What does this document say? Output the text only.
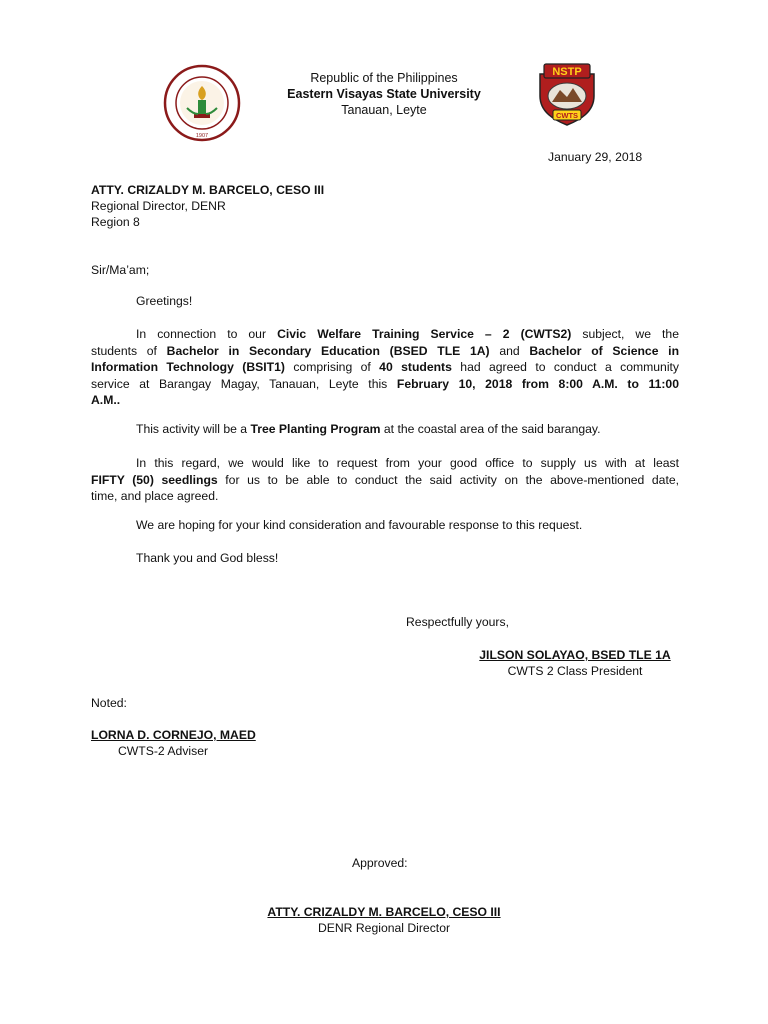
1907
Republic of the Philippines
Eastern Visayas State University
Tanauan, Leyte
NSTP
CWTS
January 29, 2018
ATTY. CRIZALDY M. BARCELO, CESO III
Regional Director, DENR
Region 8
Sir/Ma’am;
Greetings!
In connection to our Civic Welfare Training Service – 2 (CWTS2) subject, we the
students of Bachelor in Secondary Education (BSED TLE 1A) and Bachelor of Science in
Information Technology (BSIT1) comprising of 40 students had agreed to conduct a community
service at Barangay Magay, Tanauan, Leyte this February 10, 2018 from 8:00 A.M. to 11:00
A.M..
This activity will be a Tree Planting Program at the coastal area of the said barangay.
In this regard, we would like to request from your good office to supply us with at least
FIFTY (50) seedlings for us to be able to conduct the said activity on the above-mentioned date,
time, and place agreed.
We are hoping for your kind consideration and favourable response to this request.
Thank you and God bless!
Respectfully yours,
JILSON SOLAYAO, BSED TLE 1A
CWTS 2 Class President
Noted:
LORNA D. CORNEJO, MAED
CWTS-2 Adviser
Approved:
ATTY. CRIZALDY M. BARCELO, CESO III
DENR Regional Director
